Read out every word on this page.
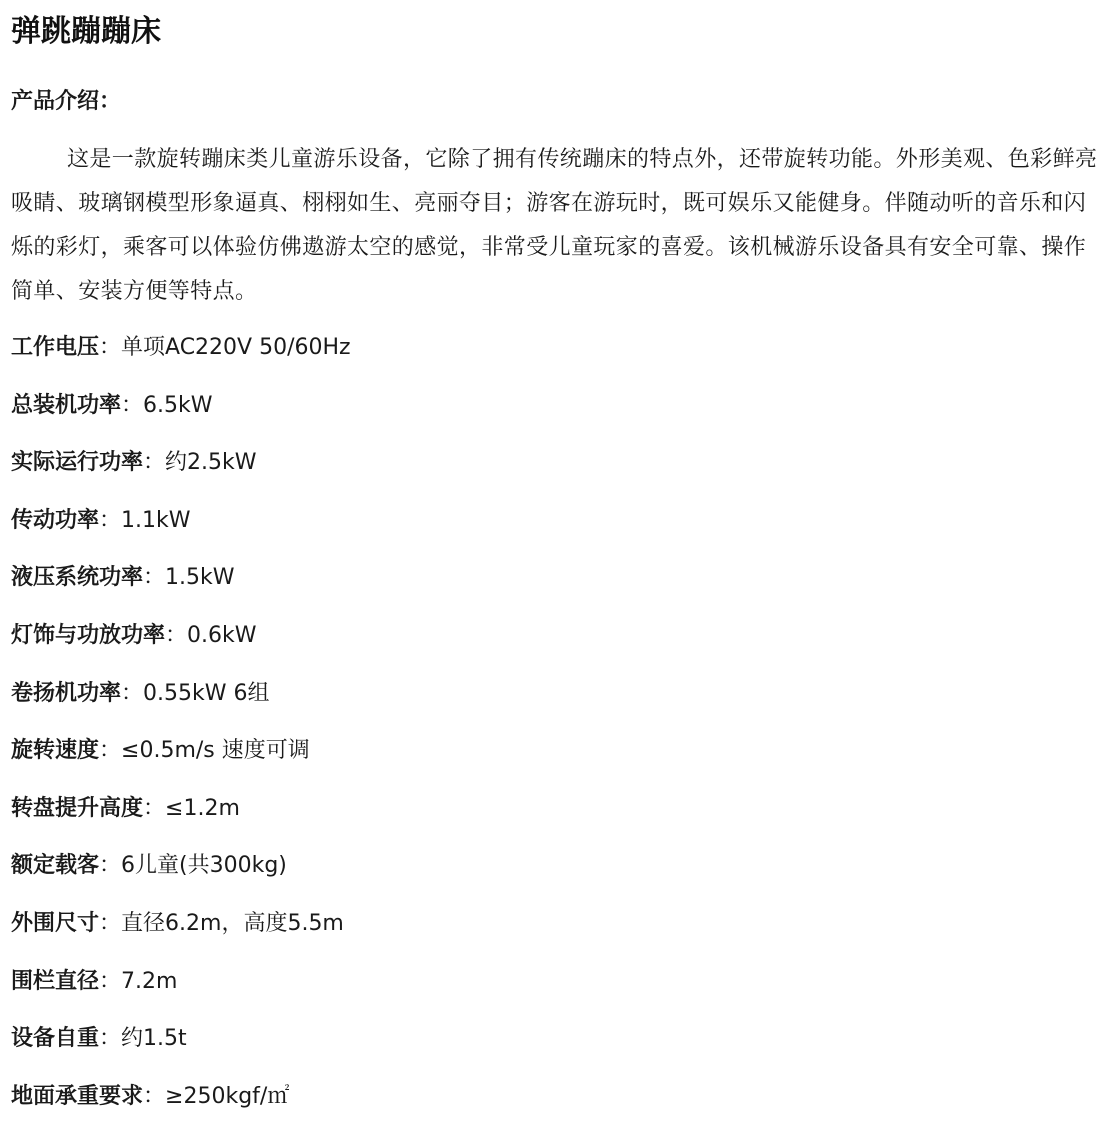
弹跳蹦蹦床
产品介绍：

这是一款旋转蹦床类儿童游乐设备，它除了拥有传统蹦床的特点外，还带旋转功能。外形美观、色彩鲜亮吸睛、玻璃钢模型形象逼真、栩栩如生、亮丽夺目；游客在游玩时，既可娱乐又能健身。伴随动听的音乐和闪烁的彩灯，乘客可以体验仿佛遨游太空的感觉，非常受儿童玩家的喜爱。该机械游乐设备具有安全可靠、操作简单、安装方便等特点。

工作电压：单项AC220V 50/60Hz
总装机功率：6.5kW
实际运行功率：约2.5kW
传动功率：1.1kW
液压系统功率：1.5kW
灯饰与功放功率：0.6kW
卷扬机功率：0.55kW 6组
旋转速度：≤0.5m/s 速度可调
转盘提升高度：≤1.2m
额定载客：6儿童(共300kg)
外围尺寸：直径6.2m，高度5.5m
围栏直径：7.2m
设备自重：约1.5t
地面承重要求：≥250kgf/㎡
